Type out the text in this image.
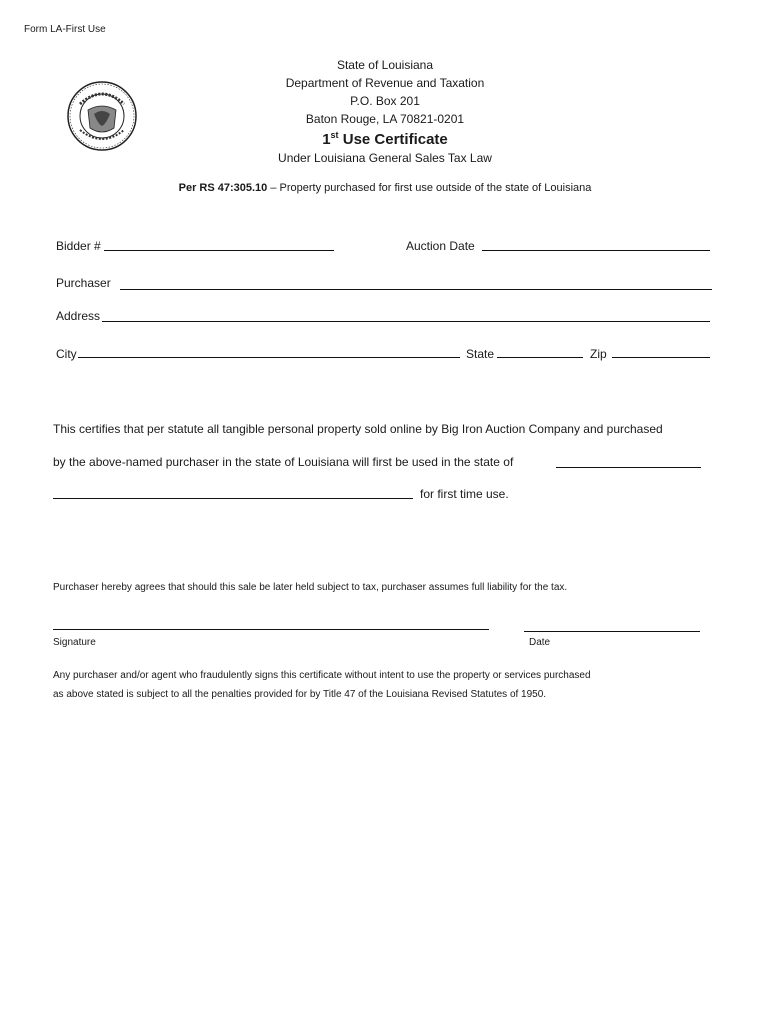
Form LA-First Use
State of Louisiana
Department of Revenue and Taxation
P.O. Box 201
Baton Rouge, LA 70821-0201
1st Use Certificate
Under Louisiana General Sales Tax Law
Per RS 47:305.10 – Property purchased for first use outside of the state of Louisiana
Bidder #	Auction Date
Purchaser
Address
City	State	Zip
This certifies that per statute all tangible personal property sold online by Big Iron Auction Company and purchased
by the above-named purchaser in the state of Louisiana will first be used in the state of
for first time use.
Purchaser hereby agrees that should this sale be later held subject to tax, purchaser assumes full liability for the tax.
Signature	Date
Any purchaser and/or agent who fraudulently signs this certificate without intent to use the property or services purchased
as above stated is subject to all the penalties provided for by Title 47 of the Louisiana Revised Statutes of 1950.
